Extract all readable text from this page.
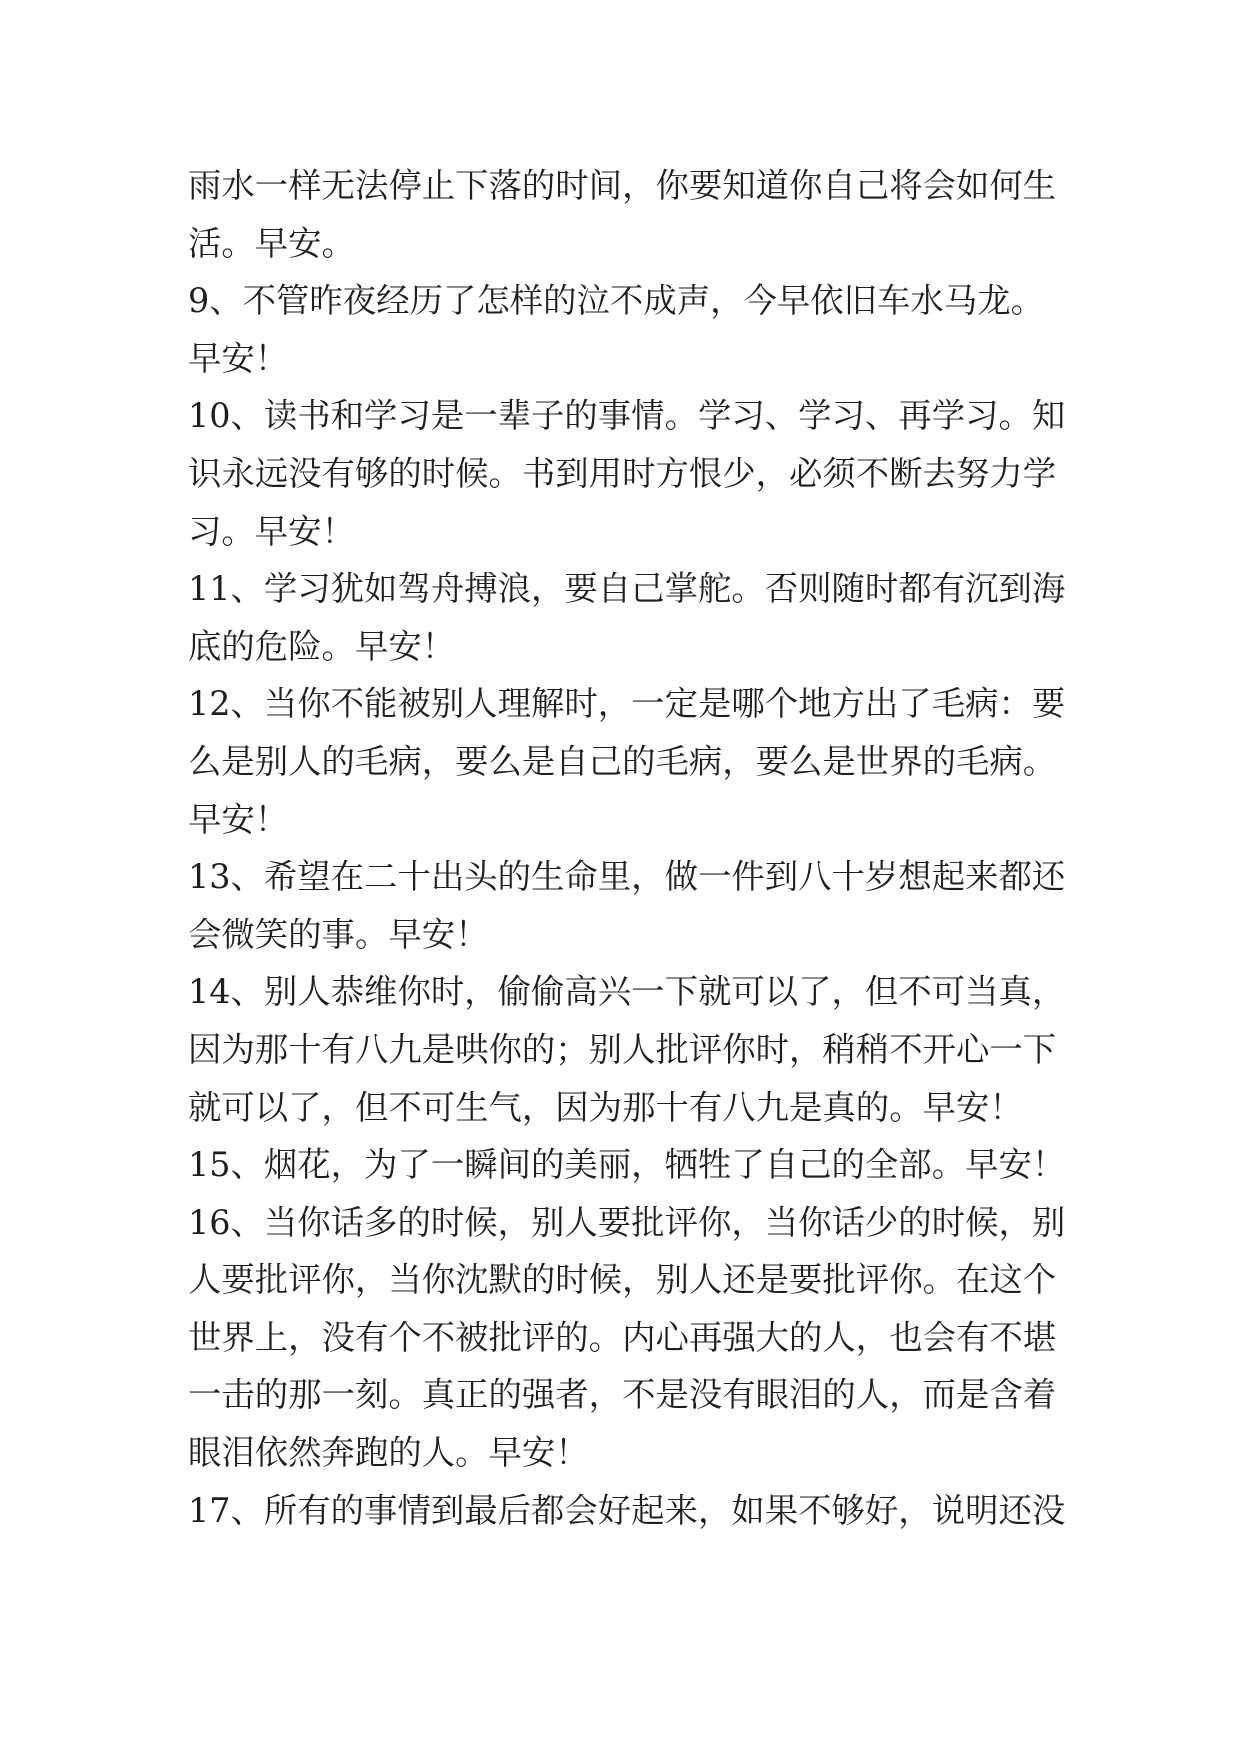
雨水一样无法停止下落的时间，你要知道你自己将会如何生
活。早安。
9、不管昨夜经历了怎样的泣不成声，今早依旧车水马龙。
早安！
10、读书和学习是一辈子的事情。学习、学习、再学习。知
识永远没有够的时候。书到用时方恨少，必须不断去努力学
习。早安！
11、学习犹如驾舟搏浪，要自己掌舵。否则随时都有沉到海
底的危险。早安！
12、当你不能被别人理解时，一定是哪个地方出了毛病：要
么是别人的毛病，要么是自己的毛病，要么是世界的毛病。
早安！
13、希望在二十出头的生命里，做一件到八十岁想起来都还
会微笑的事。早安！
14、别人恭维你时，偷偷高兴一下就可以了，但不可当真，
因为那十有八九是哄你的；别人批评你时，稍稍不开心一下
就可以了，但不可生气，因为那十有八九是真的。早安！
15、烟花，为了一瞬间的美丽，牺牲了自己的全部。早安！
16、当你话多的时候，别人要批评你，当你话少的时候，别
人要批评你，当你沈默的时候，别人还是要批评你。在这个
世界上，没有个不被批评的。内心再强大的人，也会有不堪
一击的那一刻。真正的强者，不是没有眼泪的人，而是含着
眼泪依然奔跑的人。早安！
17、所有的事情到最后都会好起来，如果不够好，说明还没
